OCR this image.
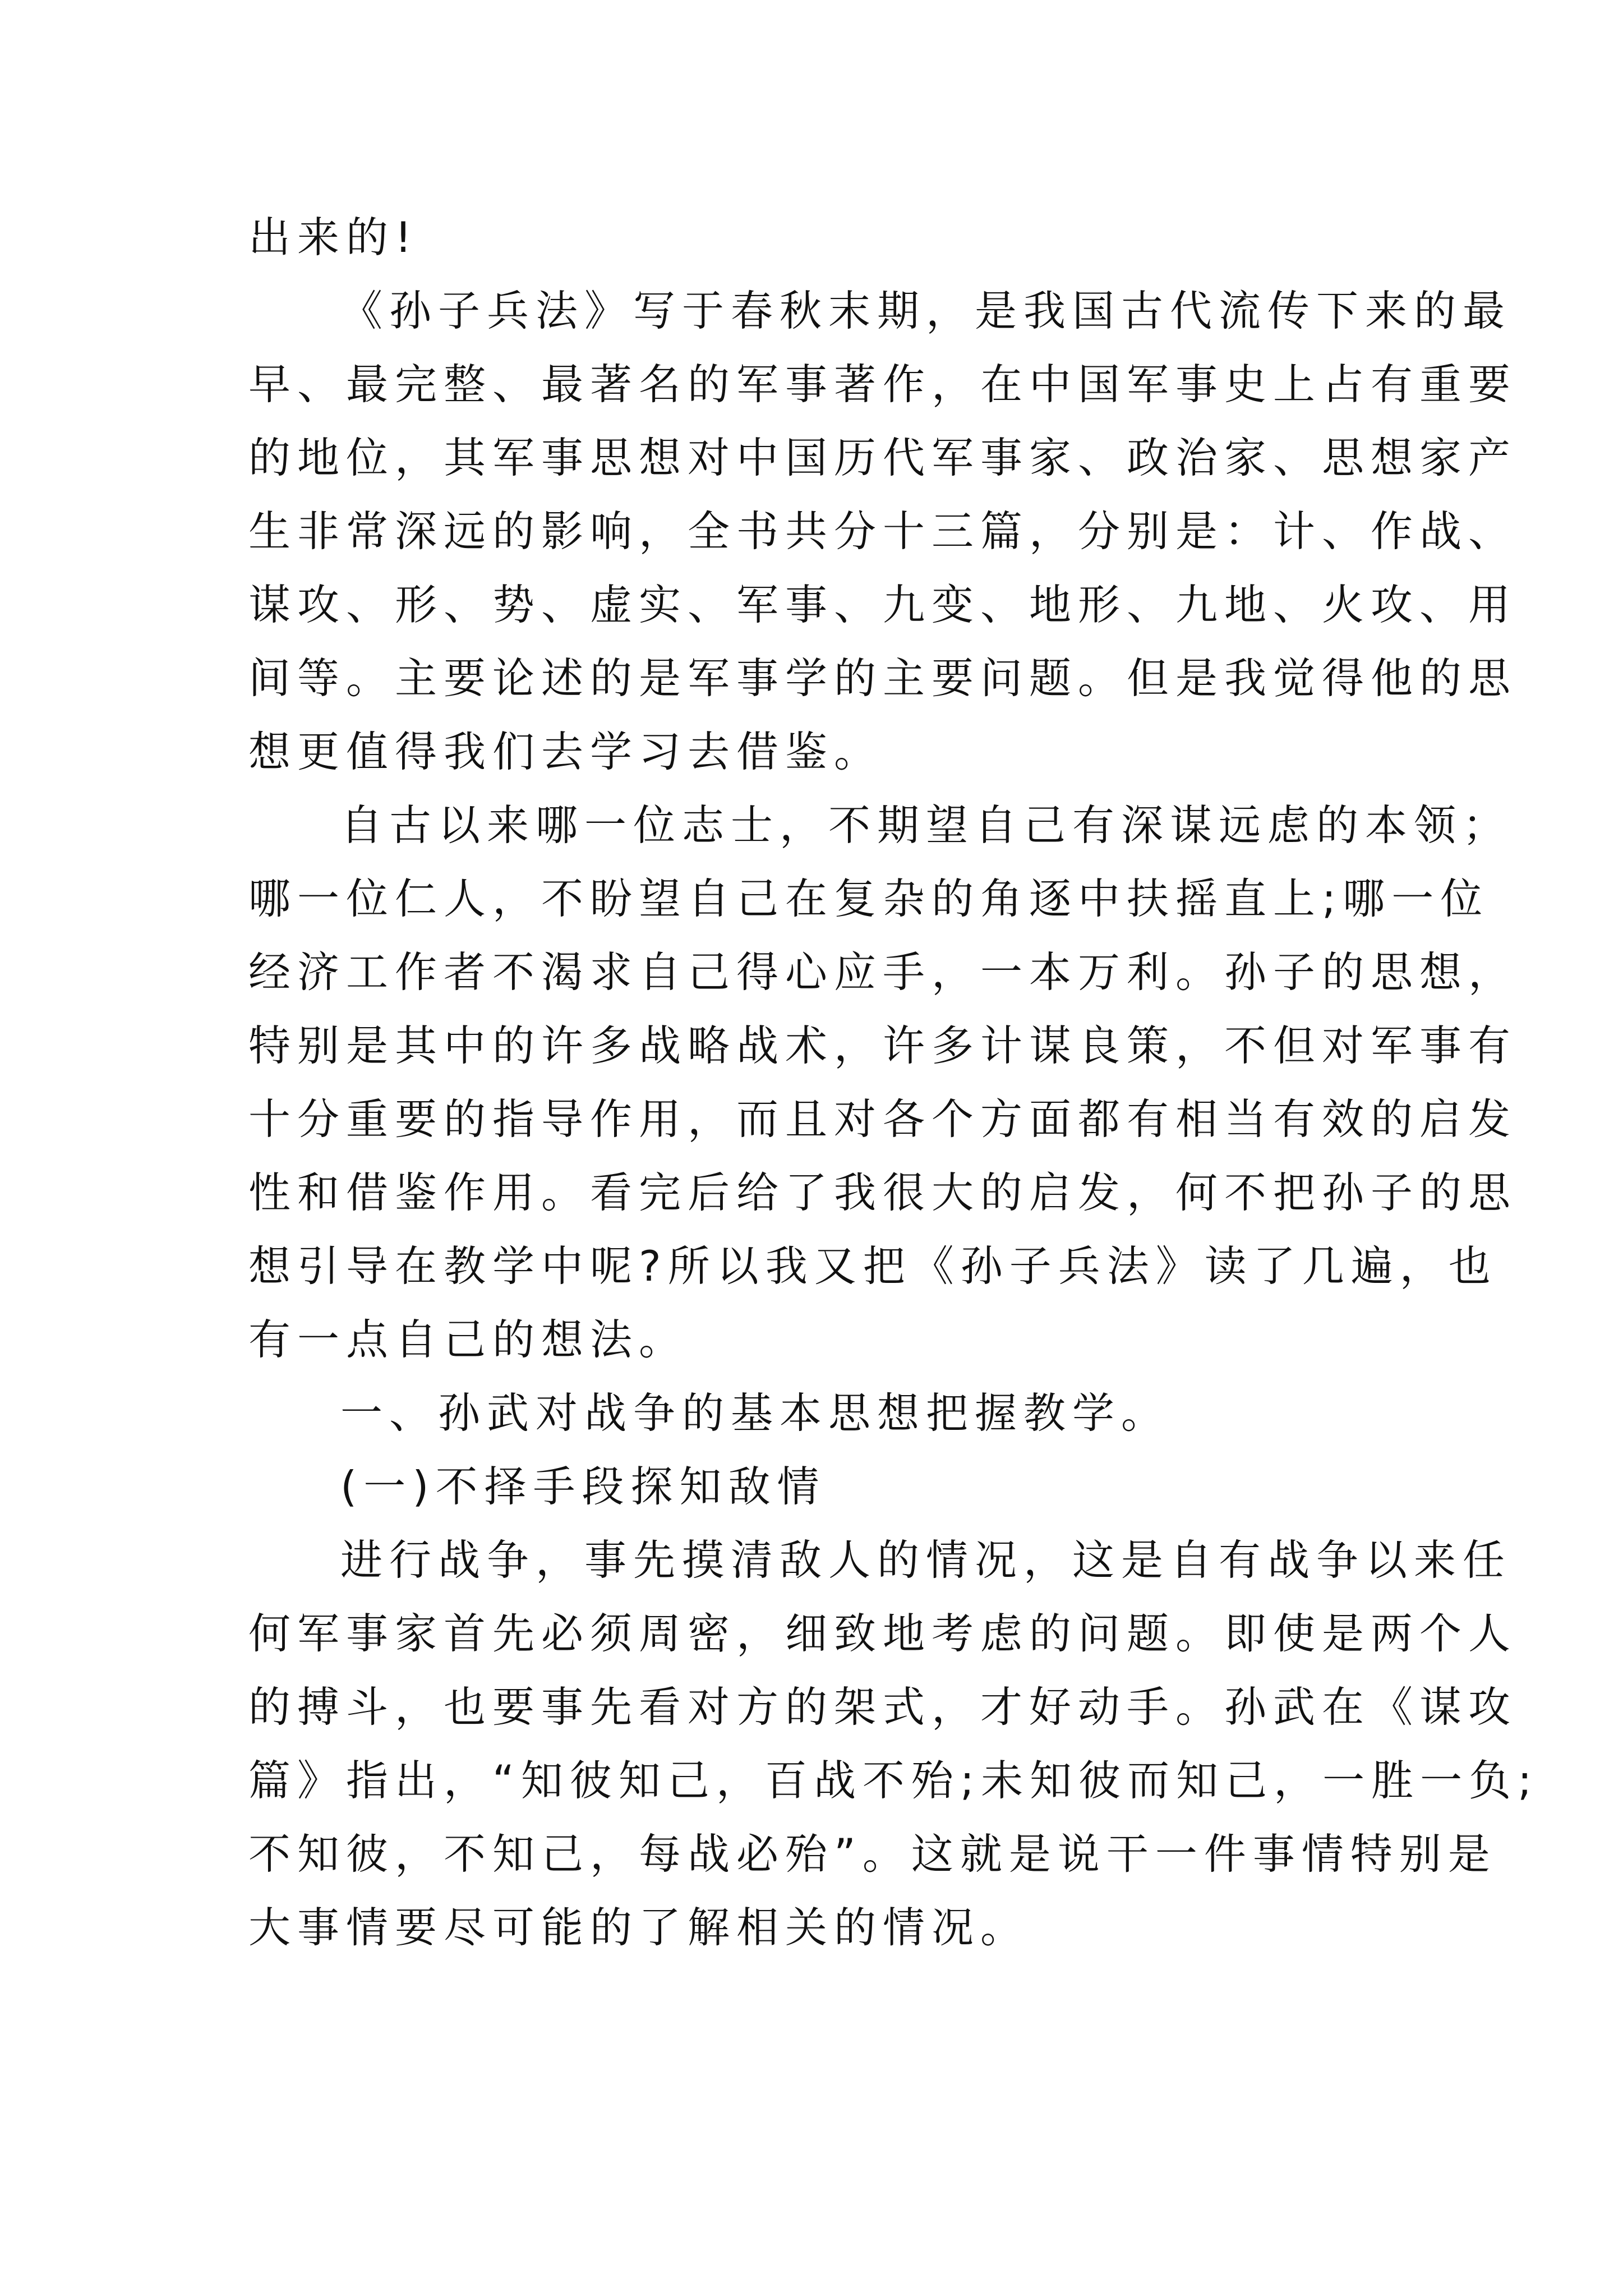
出来的!
《孙子兵法》写于春秋末期，是我国古代流传下来的最
早、最完整、最著名的军事著作，在中国军事史上占有重要
的地位，其军事思想对中国历代军事家、政治家、思想家产
生非常深远的影响，全书共分十三篇，分别是：计、作战、
谋攻、形、势、虚实、军事、九变、地形、九地、火攻、用
间等。主要论述的是军事学的主要问题。但是我觉得他的思
想更值得我们去学习去借鉴。
自古以来哪一位志士，不期望自己有深谋远虑的本领；
哪一位仁人，不盼望自己在复杂的角逐中扶摇直上;哪一位
经济工作者不渴求自己得心应手，一本万利。孙子的思想，
特别是其中的许多战略战术，许多计谋良策，不但对军事有
十分重要的指导作用，而且对各个方面都有相当有效的启发
性和借鉴作用。看完后给了我很大的启发，何不把孙子的思
想引导在教学中呢?所以我又把《孙子兵法》读了几遍，也
有一点自己的想法。
一、孙武对战争的基本思想把握教学。
(一)不择手段探知敌情
进行战争，事先摸清敌人的情况，这是自有战争以来任
何军事家首先必须周密，细致地考虑的问题。即使是两个人
的搏斗，也要事先看对方的架式，才好动手。孙武在《谋攻
篇》指出，“知彼知己，百战不殆;未知彼而知己，一胜一负;
不知彼，不知己，每战必殆”。这就是说干一件事情特别是
大事情要尽可能的了解相关的情况。
